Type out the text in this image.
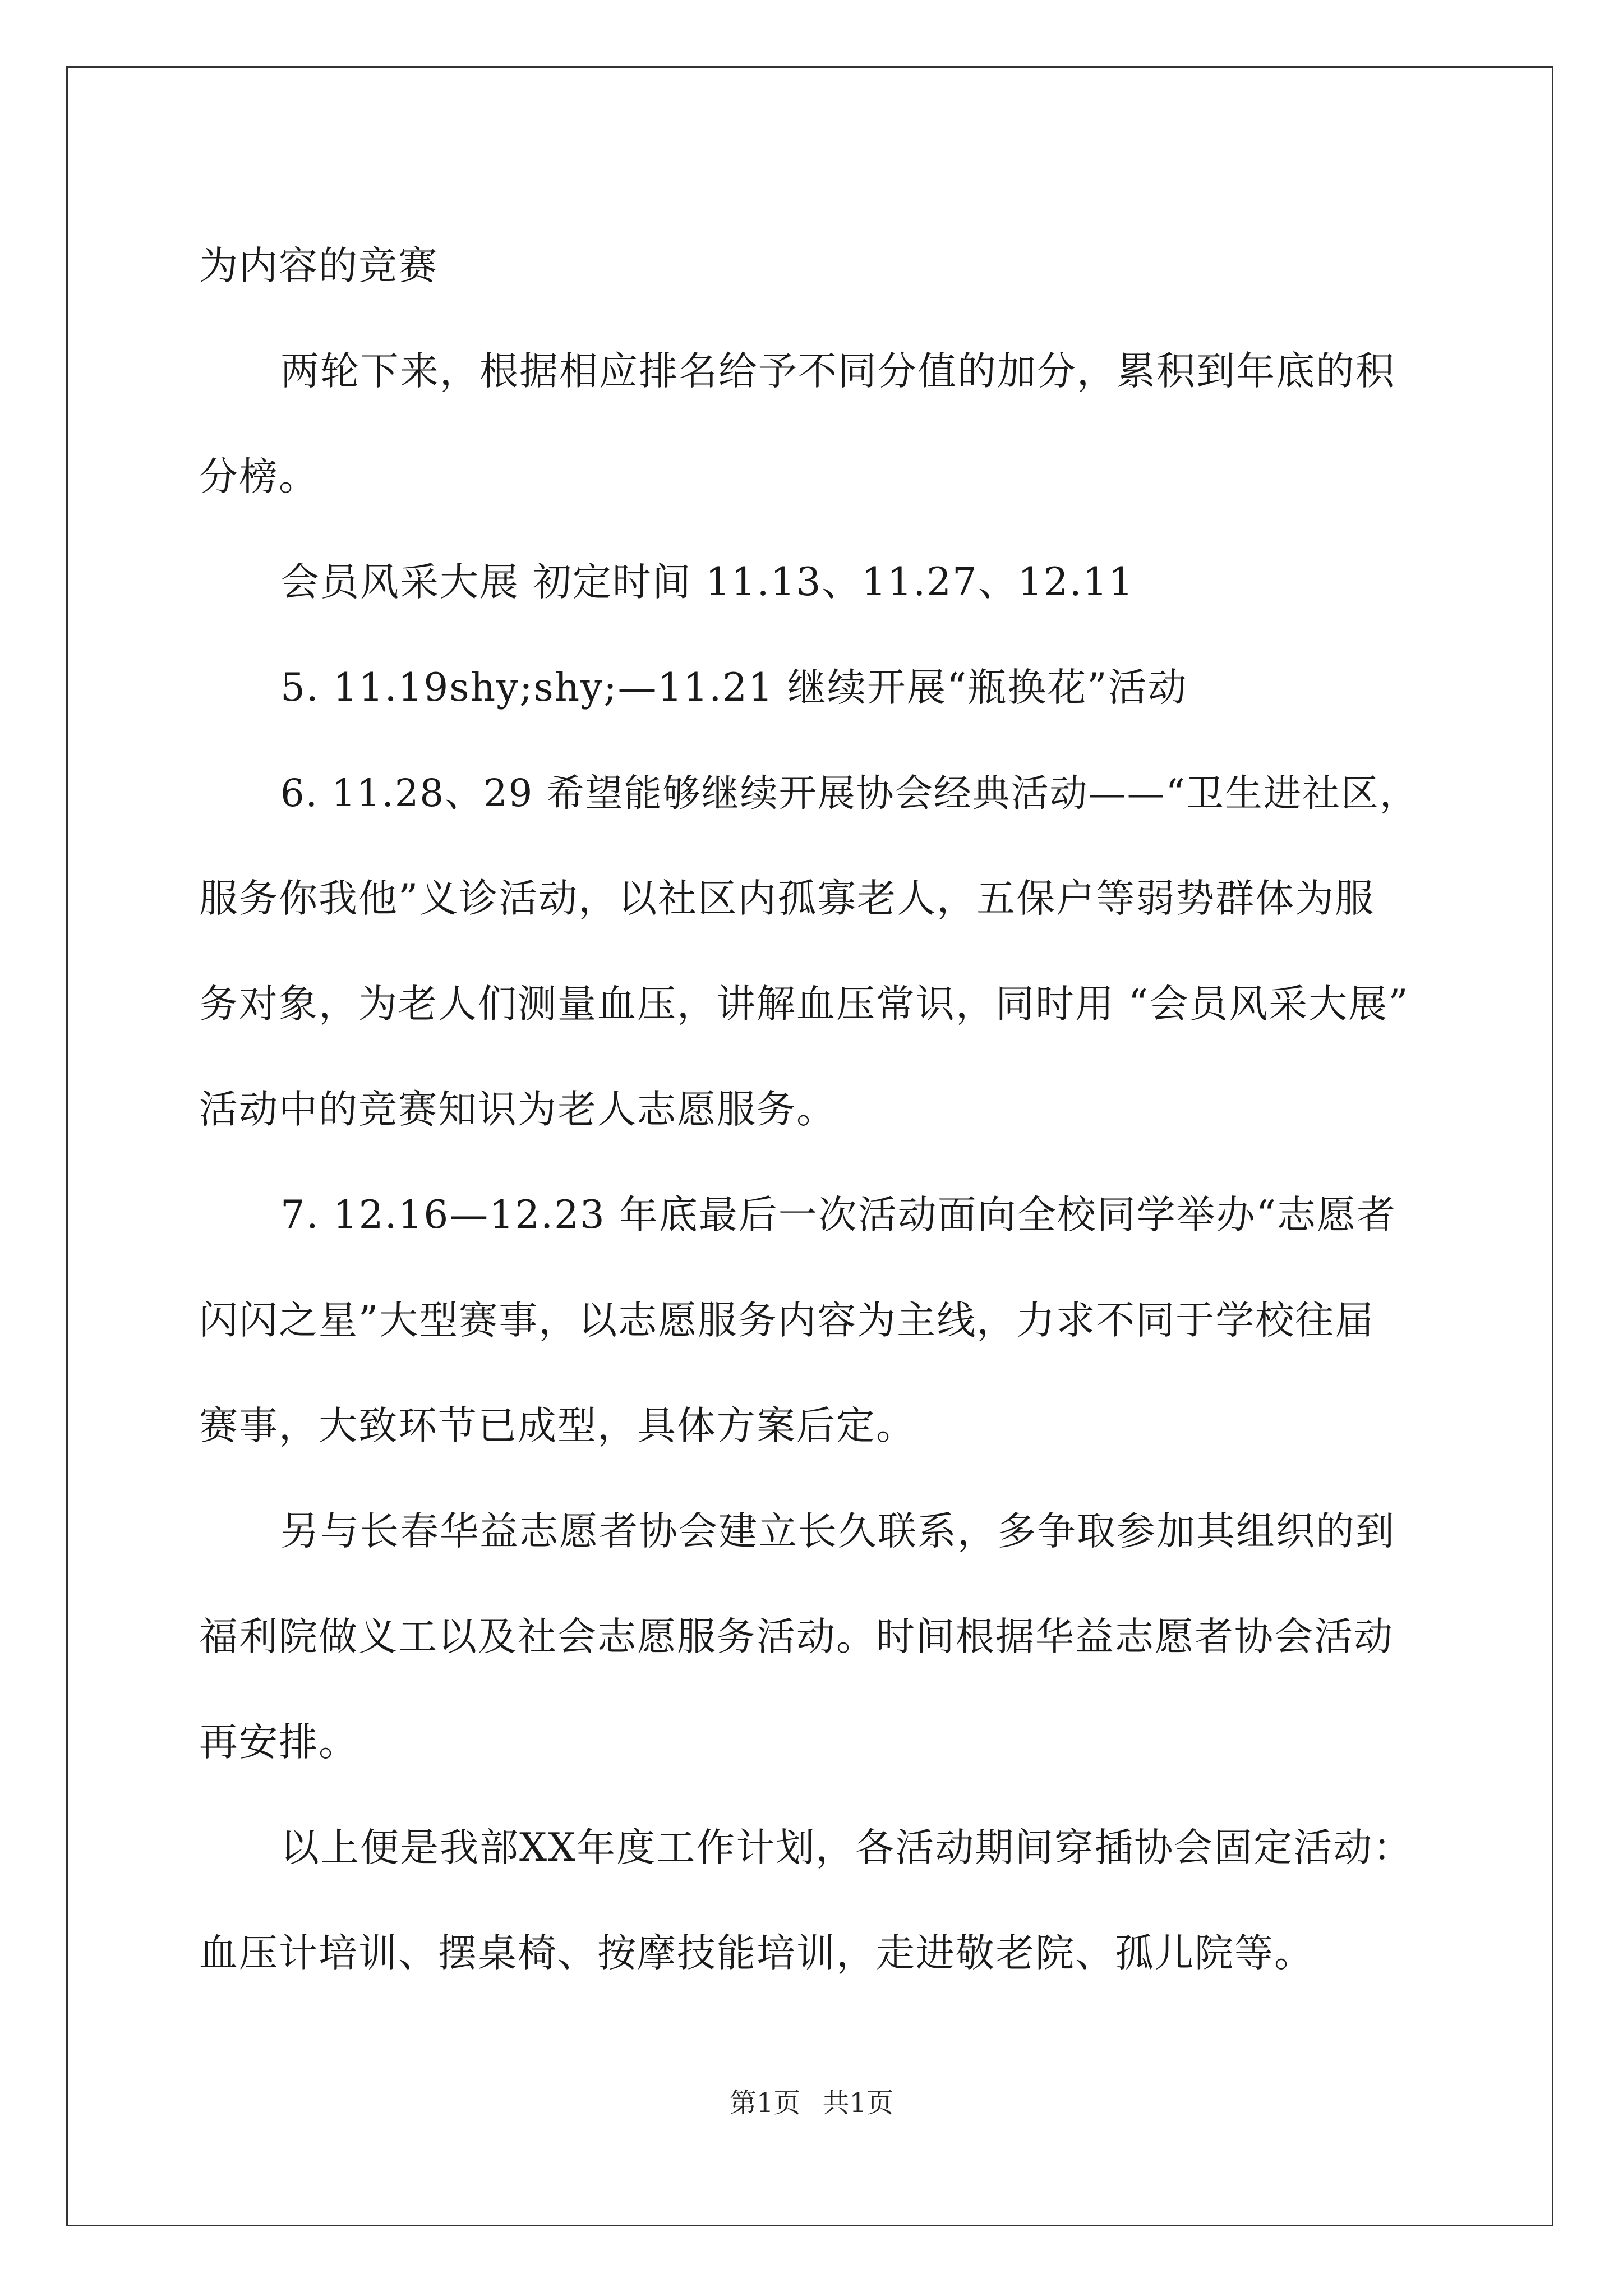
为内容的竞赛
两轮下来，根据相应排名给予不同分值的加分，累积到年底的积
分榜。
会员风采大展 初定时间 11.13、11.27、12.11
5. 11.19shy;shy;—11.21 继续开展“瓶换花”活动
6. 11.28、29 希望能够继续开展协会经典活动——“卫生进社区，
服务你我他”义诊活动，以社区内孤寡老人，五保户等弱势群体为服
务对象，为老人们测量血压，讲解血压常识，同时用 “会员风采大展”
活动中的竞赛知识为老人志愿服务。
7. 12.16—12.23 年底最后一次活动面向全校同学举办“志愿者
闪闪之星”大型赛事，以志愿服务内容为主线，力求不同于学校往届
赛事，大致环节已成型，具体方案后定。
另与长春华益志愿者协会建立长久联系，多争取参加其组织的到
福利院做义工以及社会志愿服务活动。时间根据华益志愿者协会活动
再安排。
以上便是我部XX年度工作计划，各活动期间穿插协会固定活动：
血压计培训、摆桌椅、按摩技能培训，走进敬老院、孤儿院等。
第1页 共1页
